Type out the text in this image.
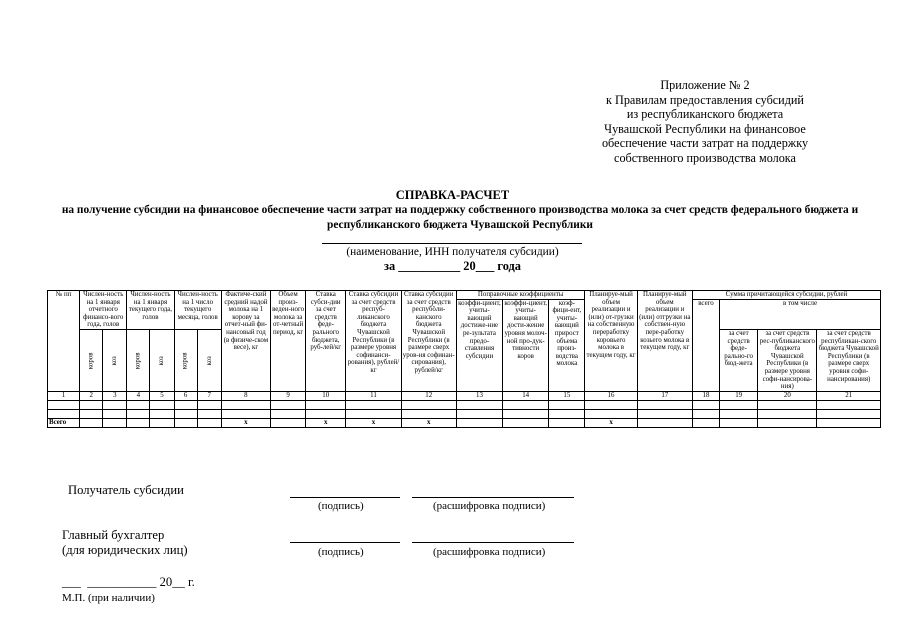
Приложение № 2
к Правилам предоставления субсидий
из республиканского бюджета
Чувашской Республики на финансовое
обеспечение части затрат на поддержку
собственного производства молока
СПРАВКА-РАСЧЕТ
на получение субсидии на финансовое обеспечение части затрат на поддержку собственного производства молока за счет средств федерального бюджета и республиканского бюджета Чувашской Республики
(наименование, ИНН получателя субсидии)
за __________ 20___ года
№ пп	Числен-ность на 1 января отчетного финансо-вого года, голов		Числен-ность на 1 января текущего года, голов		Числен-ность на 1 число текущего месяца, голов		Фактиче-ский средний надой молока на 1 корову за отчет-ный фи-нансовый год (в физиче-ском весе), кг	Объем произ-веден-ного молока за от-четный период, кг	Ставка субси-дии за счет средств феде-рального бюджета, руб-лей/кг	Ставка субсидии за счет средств респуб-ликанского бюджета Чувашской Республики (в размере уровня софинанси-рования), рублей/кг	Ставка субсидии за счет средств респубöли-канского бюджета Чувашской Республики (в размере сверх уров-ня софинан-сирования), рублей/кг	Поправочные коэффициенты			Планируе-мый объем реализации и (или) от-грузки на собственную переработку коровьего молока в текущем году, кг	Планируе-мый объем реализации и (или) отгрузки на собствен-ную пере-работку козьего молока в текущем году, кг	Сумма причитающейся субсидии, рублей			
												коэффи-циент, учиты-вающий достиже-ние ре-зультата предо-ставления субсидии	коэффи-циент, учиты-вающий дости-жение уровня молоч-ной про-дук-тивности коров	коэф-фици-ент, учиты-вающий прирост объема произ-водства молока			всего	в том числе		
	коров	коз	коров	коз	коров	коз												за счет средств феде-рально-го бюд-жета	за счет средств рес-публиканского бюджета Чувашской Республики (в размере уровня софи-нансирова-ния)	за счет средств республикан-ского бюджета Чувашской Республики (в размере сверх уровня софи-нансирования)
1	2	3	4	5	6	7	8	9	10	11	12	13	14	15	16	17	18	19	20	21

Всего							x		x	x	x				x					
Получатель субсидии
(подпись)	(расшифровка подписи)
Главный бухгалтер
(для юридических лиц)	(подпись)	(расшифровка подписи)
___  ___________ 20__ г.
М.П. (при наличии)
